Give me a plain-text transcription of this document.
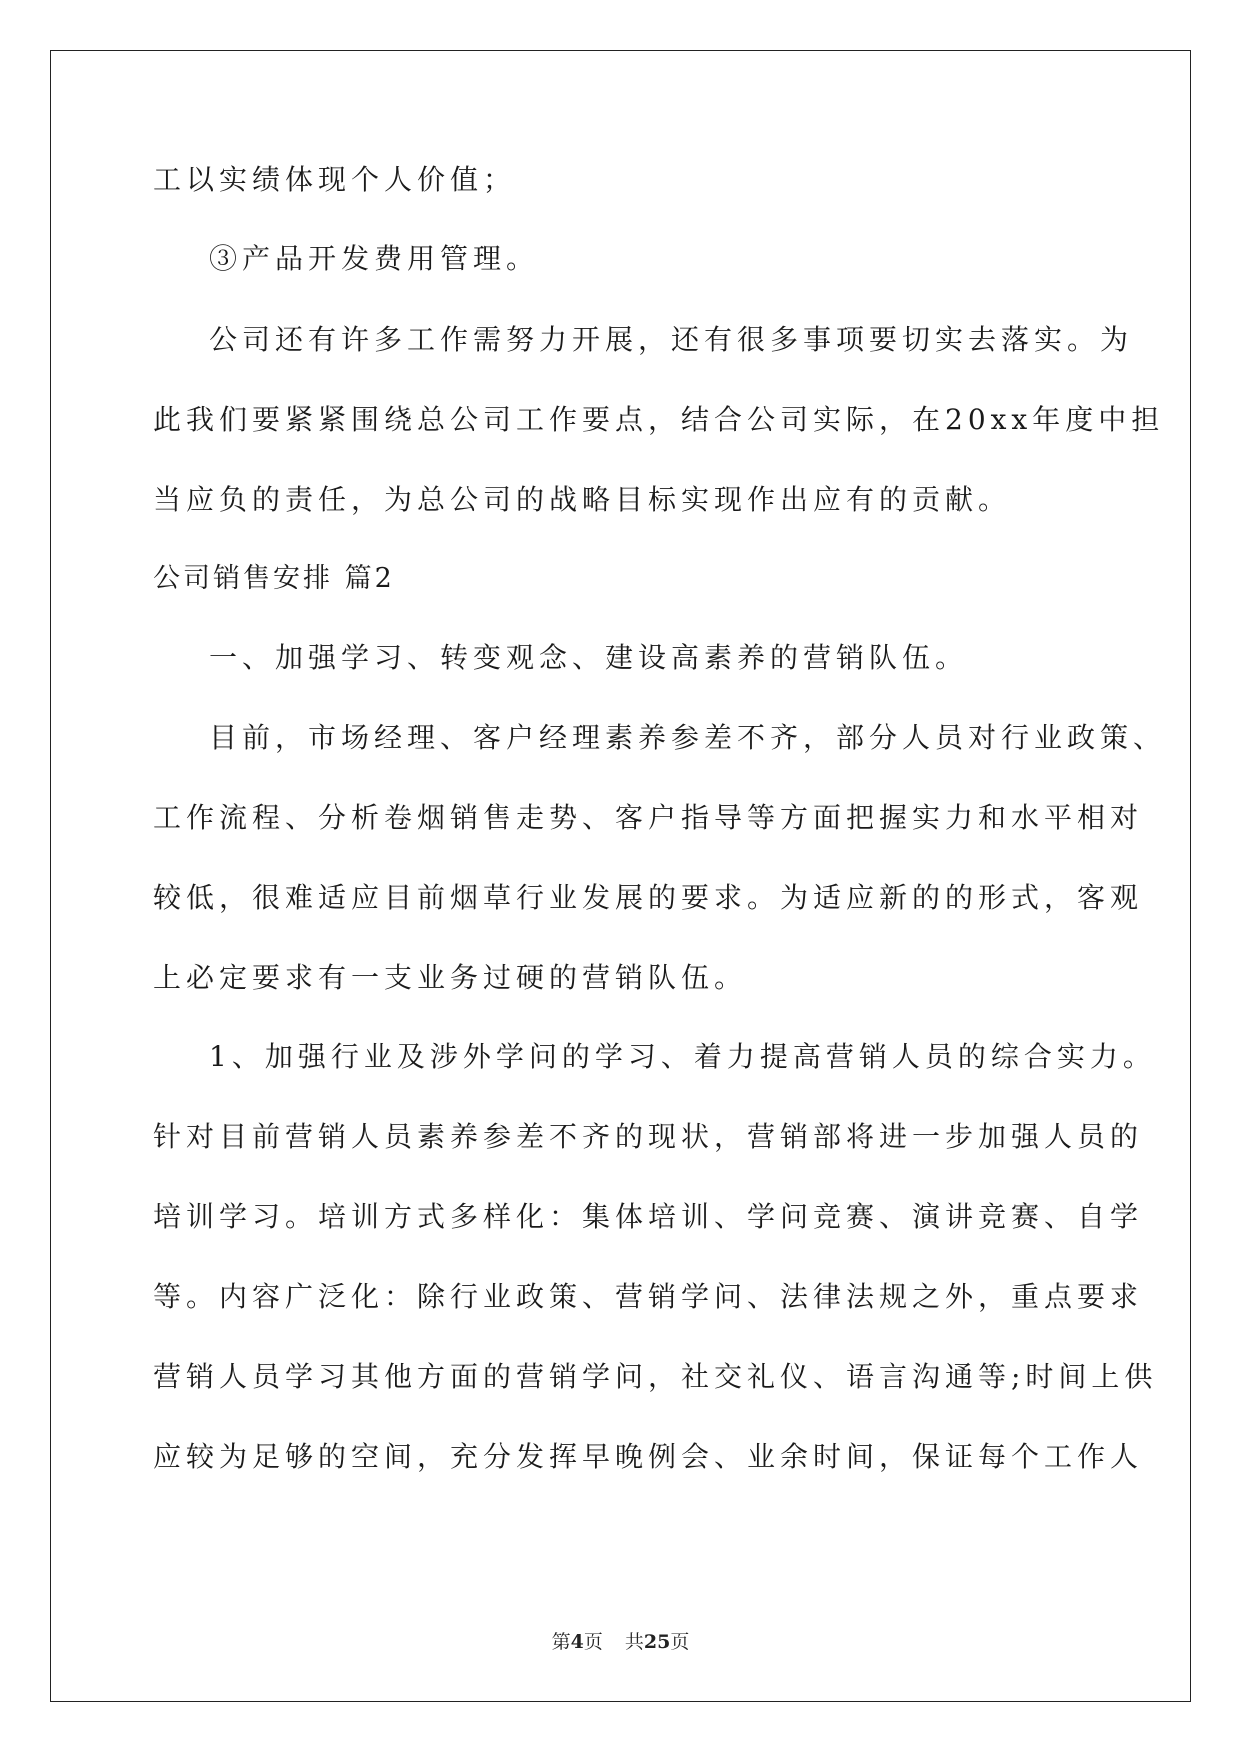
工以实绩体现个人价值；
③产品开发费用管理。
公司还有许多工作需努力开展，还有很多事项要切实去落实。为
此我们要紧紧围绕总公司工作要点，结合公司实际，在20xx年度中担
当应负的责任，为总公司的战略目标实现作出应有的贡献。
公司销售安排 篇2
一、加强学习、转变观念、建设高素养的营销队伍。
目前，市场经理、客户经理素养参差不齐，部分人员对行业政策、
工作流程、分析卷烟销售走势、客户指导等方面把握实力和水平相对
较低，很难适应目前烟草行业发展的要求。为适应新的的形式，客观
上必定要求有一支业务过硬的营销队伍。
1、加强行业及涉外学问的学习、着力提高营销人员的综合实力。
针对目前营销人员素养参差不齐的现状，营销部将进一步加强人员的
培训学习。培训方式多样化：集体培训、学问竞赛、演讲竞赛、自学
等。内容广泛化：除行业政策、营销学问、法律法规之外，重点要求
营销人员学习其他方面的营销学问，社交礼仪、语言沟通等;时间上供
应较为足够的空间，充分发挥早晚例会、业余时间，保证每个工作人
第4页 共25页
